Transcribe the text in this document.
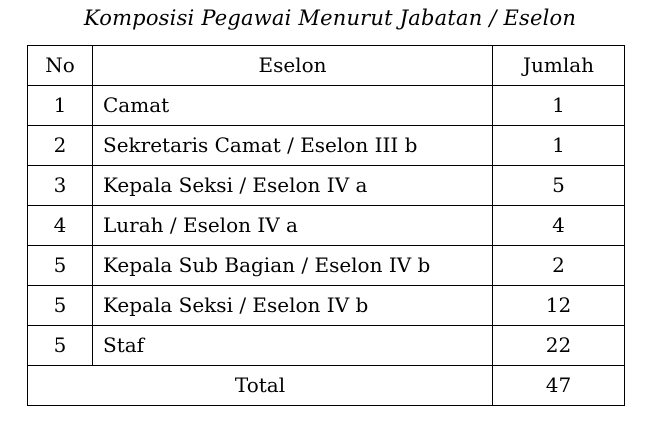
Komposisi Pegawai Menurut Jabatan / Eselon
No	Eselon	Jumlah

1	Camat	1

2	Sekretaris Camat / Eselon III b	1

3	Kepala Seksi / Eselon IV a	5

4	Lurah / Eselon IV a	4

5	Kepala Sub Bagian / Eselon IV b	2

5	Kepala Seksi / Eselon IV b	12

5	Staf	22

Total		47
